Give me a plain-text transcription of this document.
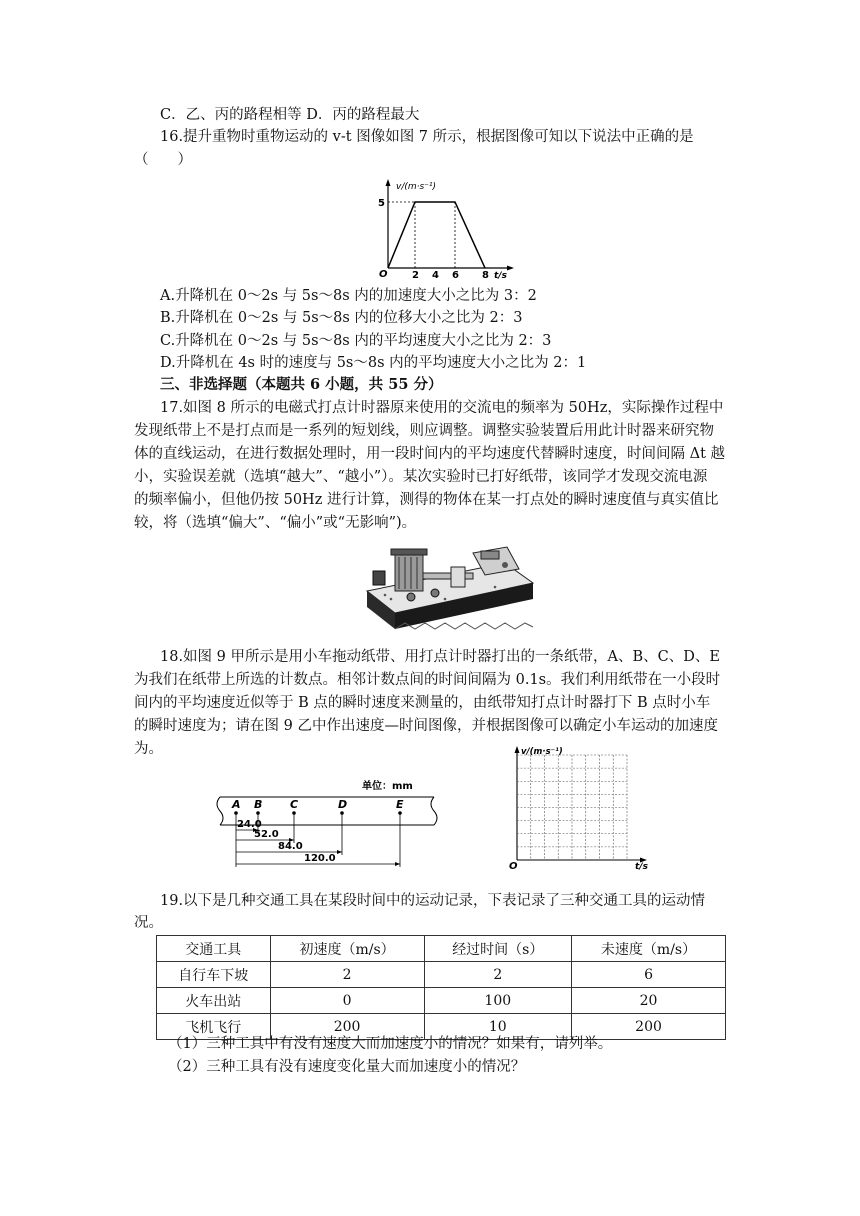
C．乙、丙的路程相等 D．丙的路程最大
16.提升重物时重物运动的 v-t 图像如图 7 所示，根据图像可知以下说法中正确的是
（　　）
v/(m·s⁻¹)
O
5
2 4 6 8 t/s
A.升降机在 0～2s 与 5s～8s 内的加速度大小之比为 3：2
B.升降机在 0～2s 与 5s～8s 内的位移大小之比为 2：3
C.升降机在 0～2s 与 5s～8s 内的平均速度大小之比为 2：3
D.升降机在 4s 时的速度与 5s～8s 内的平均速度大小之比为 2：1
三、非选择题（本题共 6 小题，共 55 分）
17.如图 8 所示的电磁式打点计时器原来使用的交流电的频率为 50Hz，实际操作过程中
发现纸带上不是打点而是一系列的短划线，则应调整。调整实验装置后用此计时器来研究物
体的直线运动，在进行数据处理时，用一段时间内的平均速度代替瞬时速度，时间间隔 Δt 越
小，实验误差就（选填“越大”、“越小”）。某次实验时已打好纸带，该同学才发现交流电源
的频率偏小，但他仍按 50Hz 进行计算，测得的物体在某一打点处的瞬时速度值与真实值比
较，将（选填“偏大”、“偏小”或“无影响”)。
18.如图 9 甲所示是用小车拖动纸带、用打点计时器打出的一条纸带，A、B、C、D、E
为我们在纸带上所选的计数点。相邻计数点间的时间间隔为 0.1s。我们利用纸带在一小段时
间内的平均速度近似等于 B 点的瞬时速度来测量的，由纸带知打点计时器打下 B 点时小车
的瞬时速度为；请在图 9 乙中作出速度—时间图像，并根据图像可以确定小车运动的加速度
为。
单位：mm
A B	C	D	E
24.0
52.0
84.0
120.0
v/(m·s⁻¹)
O	t/s
19.以下是几种交通工具在某段时间中的运动记录，下表记录了三种交通工具的运动情
况。
交通工具	初速度（m/s）	经过时间（s）	未速度（m/s）
自行车下坡	2	2	6
火车出站	0	100	20
飞机飞行	200	10	200
（1）三种工具中有没有速度大而加速度小的情况？如果有，请列举。
（2）三种工具有没有速度变化量大而加速度小的情况？
